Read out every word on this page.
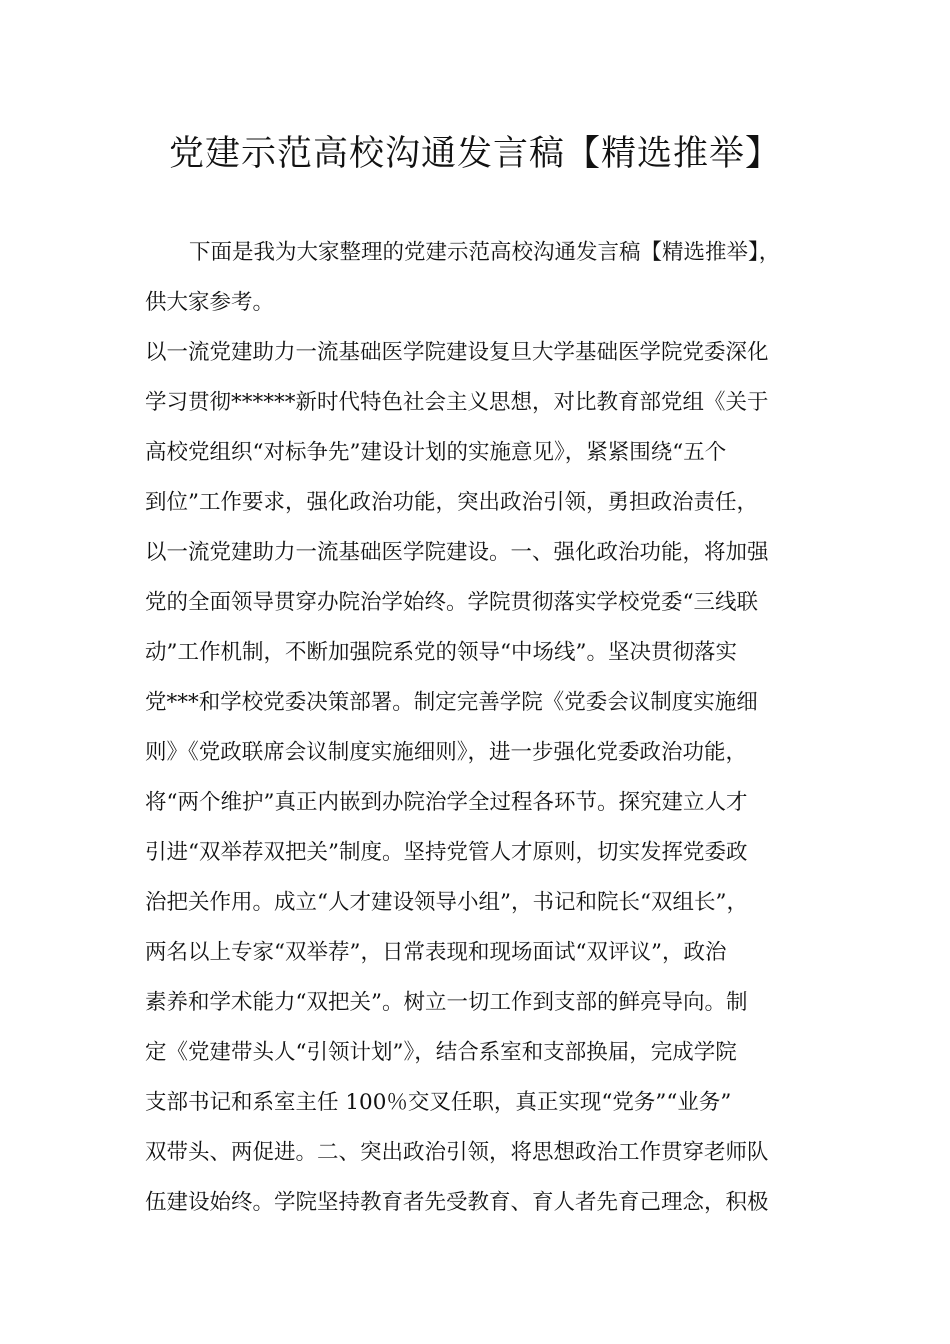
党建示范高校沟通发言稿【精选推举】
下面是我为大家整理的党建示范高校沟通发言稿【精选推举】，
供大家参考。
以一流党建助力一流基础医学院建设复旦大学基础医学院党委深化
学习贯彻******新时代特色社会主义思想，对比教育部党组《关于
高校党组织“对标争先”建设计划的实施意见》，紧紧围绕“五个
到位”工作要求，强化政治功能，突出政治引领，勇担政治责任，
以一流党建助力一流基础医学院建设。一、强化政治功能，将加强
党的全面领导贯穿办院治学始终。学院贯彻落实学校党委“三线联
动”工作机制，不断加强院系党的领导“中场线”。坚决贯彻落实
党***和学校党委决策部署。制定完善学院《党委会议制度实施细
则》《党政联席会议制度实施细则》，进一步强化党委政治功能，
将“两个维护”真正内嵌到办院治学全过程各环节。探究建立人才
引进“双举荐双把关”制度。坚持党管人才原则，切实发挥党委政
治把关作用。成立“人才建设领导小组”，书记和院长“双组长”，
两名以上专家“双举荐”，日常表现和现场面试“双评议”，政治
素养和学术能力“双把关”。树立一切工作到支部的鲜亮导向。制
定《党建带头人“引领计划”》，结合系室和支部换届，完成学院
支部书记和系室主任 100％交叉任职，真正实现“党务”“业务”
双带头、两促进。二、突出政治引领，将思想政治工作贯穿老师队
伍建设始终。学院坚持教育者先受教育、育人者先育己理念，积极
